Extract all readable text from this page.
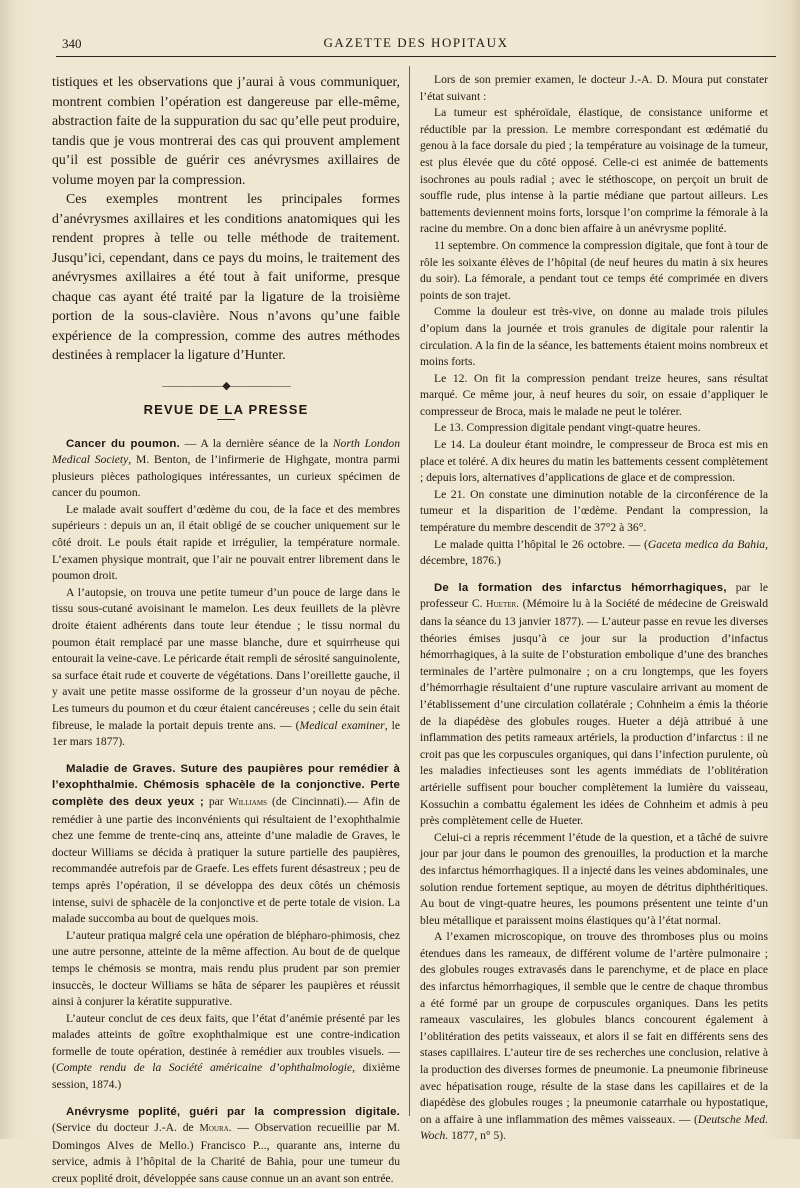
340	GAZETTE DES HOPITAUX

tistiques et les observations que j’aurai à vous communiquer, montrent combien l’opération est dangereuse par elle-même, abstraction faite de la suppuration du sac qu’elle peut produire, tandis que je vous montrerai des cas qui prouvent amplement qu’il est possible de guérir ces anévrysmes axillaires de volume moyen par la compression.

Ces exemples montrent les principales formes d’anévrysmes axillaires et les conditions anatomiques qui les rendent propres à telle ou telle méthode de traitement. Jusqu’ici, cependant, dans ce pays du moins, le traitement des anévrysmes axillaires a été tout à fait uniforme, presque chaque cas ayant été traité par la ligature de la troisième portion de la sous-clavière. Nous n’avons qu’une faible expérience de la compression, comme des autres méthodes destinées à remplacer la ligature d’Hunter.

——————◆——————
REVUE DE LA PRESSE

Cancer du poumon. — A la dernière séance de la North London Medical Society, M. Benton, de l’infirmerie de Highgate, montra parmi plusieurs pièces pathologiques intéressantes, un curieux spécimen de cancer du poumon.

Le malade avait souffert d’œdème du cou, de la face et des membres supérieurs : depuis un an, il était obligé de se coucher uniquement sur le côté droit. Le pouls était rapide et irrégulier, la température normale. L’examen physique montrait, que l’air ne pouvait entrer librement dans le poumon droit.

A l’autopsie, on trouva une petite tumeur d’un pouce de large dans le tissu sous-cutané avoisinant le mamelon. Les deux feuillets de la plèvre droite étaient adhérents dans toute leur étendue ; le tissu normal du poumon était remplacé par une masse blanche, dure et squirrheuse qui entourait la veine-cave. Le péricarde était rempli de sérosité sanguinolente, sa surface était rude et couverte de végétations. Dans l’oreillette gauche, il y avait une petite masse ossiforme de la grosseur d’un noyau de pêche. Les tumeurs du poumon et du cœur étaient cancéreuses ; celle du sein était fibreuse, le malade la portait depuis trente ans. — (Medical examiner, le 1er mars 1877).

Maladie de Graves. Suture des paupières pour remédier à l’exophthalmie. Chémosis sphacèle de la conjonctive. Perte complète des deux yeux ; par Williams (de Cincinnati).— Afin de remédier à une partie des inconvénients qui résultaient de l’exophthalmie chez une femme de trente-cinq ans, atteinte d’une maladie de Graves, le docteur Williams se décida à pratiquer la suture partielle des paupières, recommandée autrefois par de Graefe. Les effets furent désastreux ; peu de temps après l’opération, il se développa des deux côtés un chémosis intense, suivi de sphacèle de la conjonctive et de perte totale de vision. La malade succomba au bout de quelques mois.

L’auteur pratiqua malgré cela une opération de blépharo-phimosis, chez une autre personne, atteinte de la même affection. Au bout de de quelque temps le chémosis se montra, mais rendu plus prudent par son premier insuccès, le docteur Williams se hâta de séparer les paupières et réussit ainsi à conjurer la kératite suppurative.

L’auteur conclut de ces deux faits, que l’état d’anémie présenté par les malades atteints de goître exophthalmique est une contre-indication formelle de toute opération, destinée à remédier aux troubles visuels. — (Compte rendu de la Société américaine d’ophthalmologie, dixième session, 1874.)

Anévrysme poplité, guéri par la compression digitale. (Service du docteur J.-A. de Moura. — Observation recueillie par M. Domingos Alves de Mello.) Francisco P..., quarante ans, interne du service, admis à l’hôpital de la Charité de Bahia, pour une tumeur du creux poplité droit, développée sans cause connue un an avant son entrée.

Lors de son premier examen, le docteur J.-A. D. Moura put constater l’état suivant :

La tumeur est sphéroïdale, élastique, de consistance uniforme et réductible par la pression. Le membre correspondant est œdématié du genou à la face dorsale du pied ; la température au voisinage de la tumeur, est plus élevée que du côté opposé. Celle-ci est animée de battements isochrones au pouls radial ; avec le stéthoscope, on perçoit un bruit de souffle rude, plus intense à la partie médiane que partout ailleurs. Les battements deviennent moins forts, lorsque l’on comprime la fémorale à la racine du membre. On a donc bien affaire à un anévrysme poplité.

11 septembre. On commence la compression digitale, que font à tour de rôle les soixante élèves de l’hôpital (de neuf heures du matin à six heures du soir). La fémorale, a pendant tout ce temps été comprimée en divers points de son trajet.

Comme la douleur est très-vive, on donne au malade trois pilules d’opium dans la journée et trois granules de digitale pour ralentir la circulation. A la fin de la séance, les battements étaient moins nombreux et moins forts.

Le 12. On fit la compression pendant treize heures, sans résultat marqué. Ce même jour, à neuf heures du soir, on essaie d’appliquer le compresseur de Broca, mais le malade ne peut le tolérer.

Le 13. Compression digitale pendant vingt-quatre heures.

Le 14. La douleur étant moindre, le compresseur de Broca est mis en place et toléré. A dix heures du matin les battements cessent complètement ; depuis lors, alternatives d’applications de glace et de compression.

Le 21. On constate une diminution notable de la circonférence de la tumeur et la disparition de l’œdème. Pendant la compression, la température du membre descendit de 37°2 à 36°.

Le malade quitta l’hôpital le 26 octobre. — (Gaceta medica da Bahia, décembre, 1876.)

De la formation des infarctus hémorrhagiques, par le professeur C. Hueter. (Mémoire lu à la Société de médecine de Greiswald dans la séance du 13 janvier 1877). — L’auteur passe en revue les diverses théories émises jusqu’à ce jour sur la production d’infactus hémorrhagiques, à la suite de l’obsturation embolique d’une des branches terminales de l’artère pulmonaire ; on a cru longtemps, que les foyers d’hémorrhagie résultaient d’une rupture vasculaire arrivant au moment de l’établissement d’une circulation collatérale ; Cohnheim a émis la théorie de la diapédèse des globules rouges. Hueter a déjà attribué à une inflammation des petits rameaux artériels, la production d’infarctus : il ne croit pas que les corpuscules organiques, qui dans l’infection purulente, où les maladies infectieuses sont les agents immédiats de l’oblitération artérielle suffisent pour boucher complètement la lumière du vaisseau, Kossuchin a combattu également les idées de Cohnheim et admis à peu près complètement celle de Hueter.

Celui-ci a repris récemment l’étude de la question, et a tâché de suivre jour par jour dans le poumon des grenouilles, la production et la marche des infarctus hémorrhagiques. Il a injecté dans les veines abdominales, une solution rendue fortement septique, au moyen de détritus diphthéritiques. Au bout de vingt-quatre heures, les poumons présentent une teinte d’un bleu métallique et paraissent moins élastiques qu’à l’état normal.

A l’examen microscopique, on trouve des thromboses plus ou moins étendues dans les rameaux, de différent volume de l’artère pulmonaire ; des globules rouges extravasés dans le parenchyme, et de place en place des infarctus hémorrhagiques, il semble que le centre de chaque thrombus a été formé par un groupe de corpuscules organiques. Dans les petits rameaux vasculaires, les globules blancs concourent également à l’oblitération des petits vaisseaux, et alors il se fait en différents sens des stases capillaires. L’auteur tire de ses recherches une conclusion, relative à la production des diverses formes de pneumonie. La pneumonie fibrineuse avec hépatisation rouge, résulte de la stase dans les capillaires et de la diapédèse des globules rouges ; la pneumonie catarrhale ou hypostatique, on a affaire à une inflammation des mêmes vaisseaux. — (Deutsche Med. Woch. 1877, n° 5).
